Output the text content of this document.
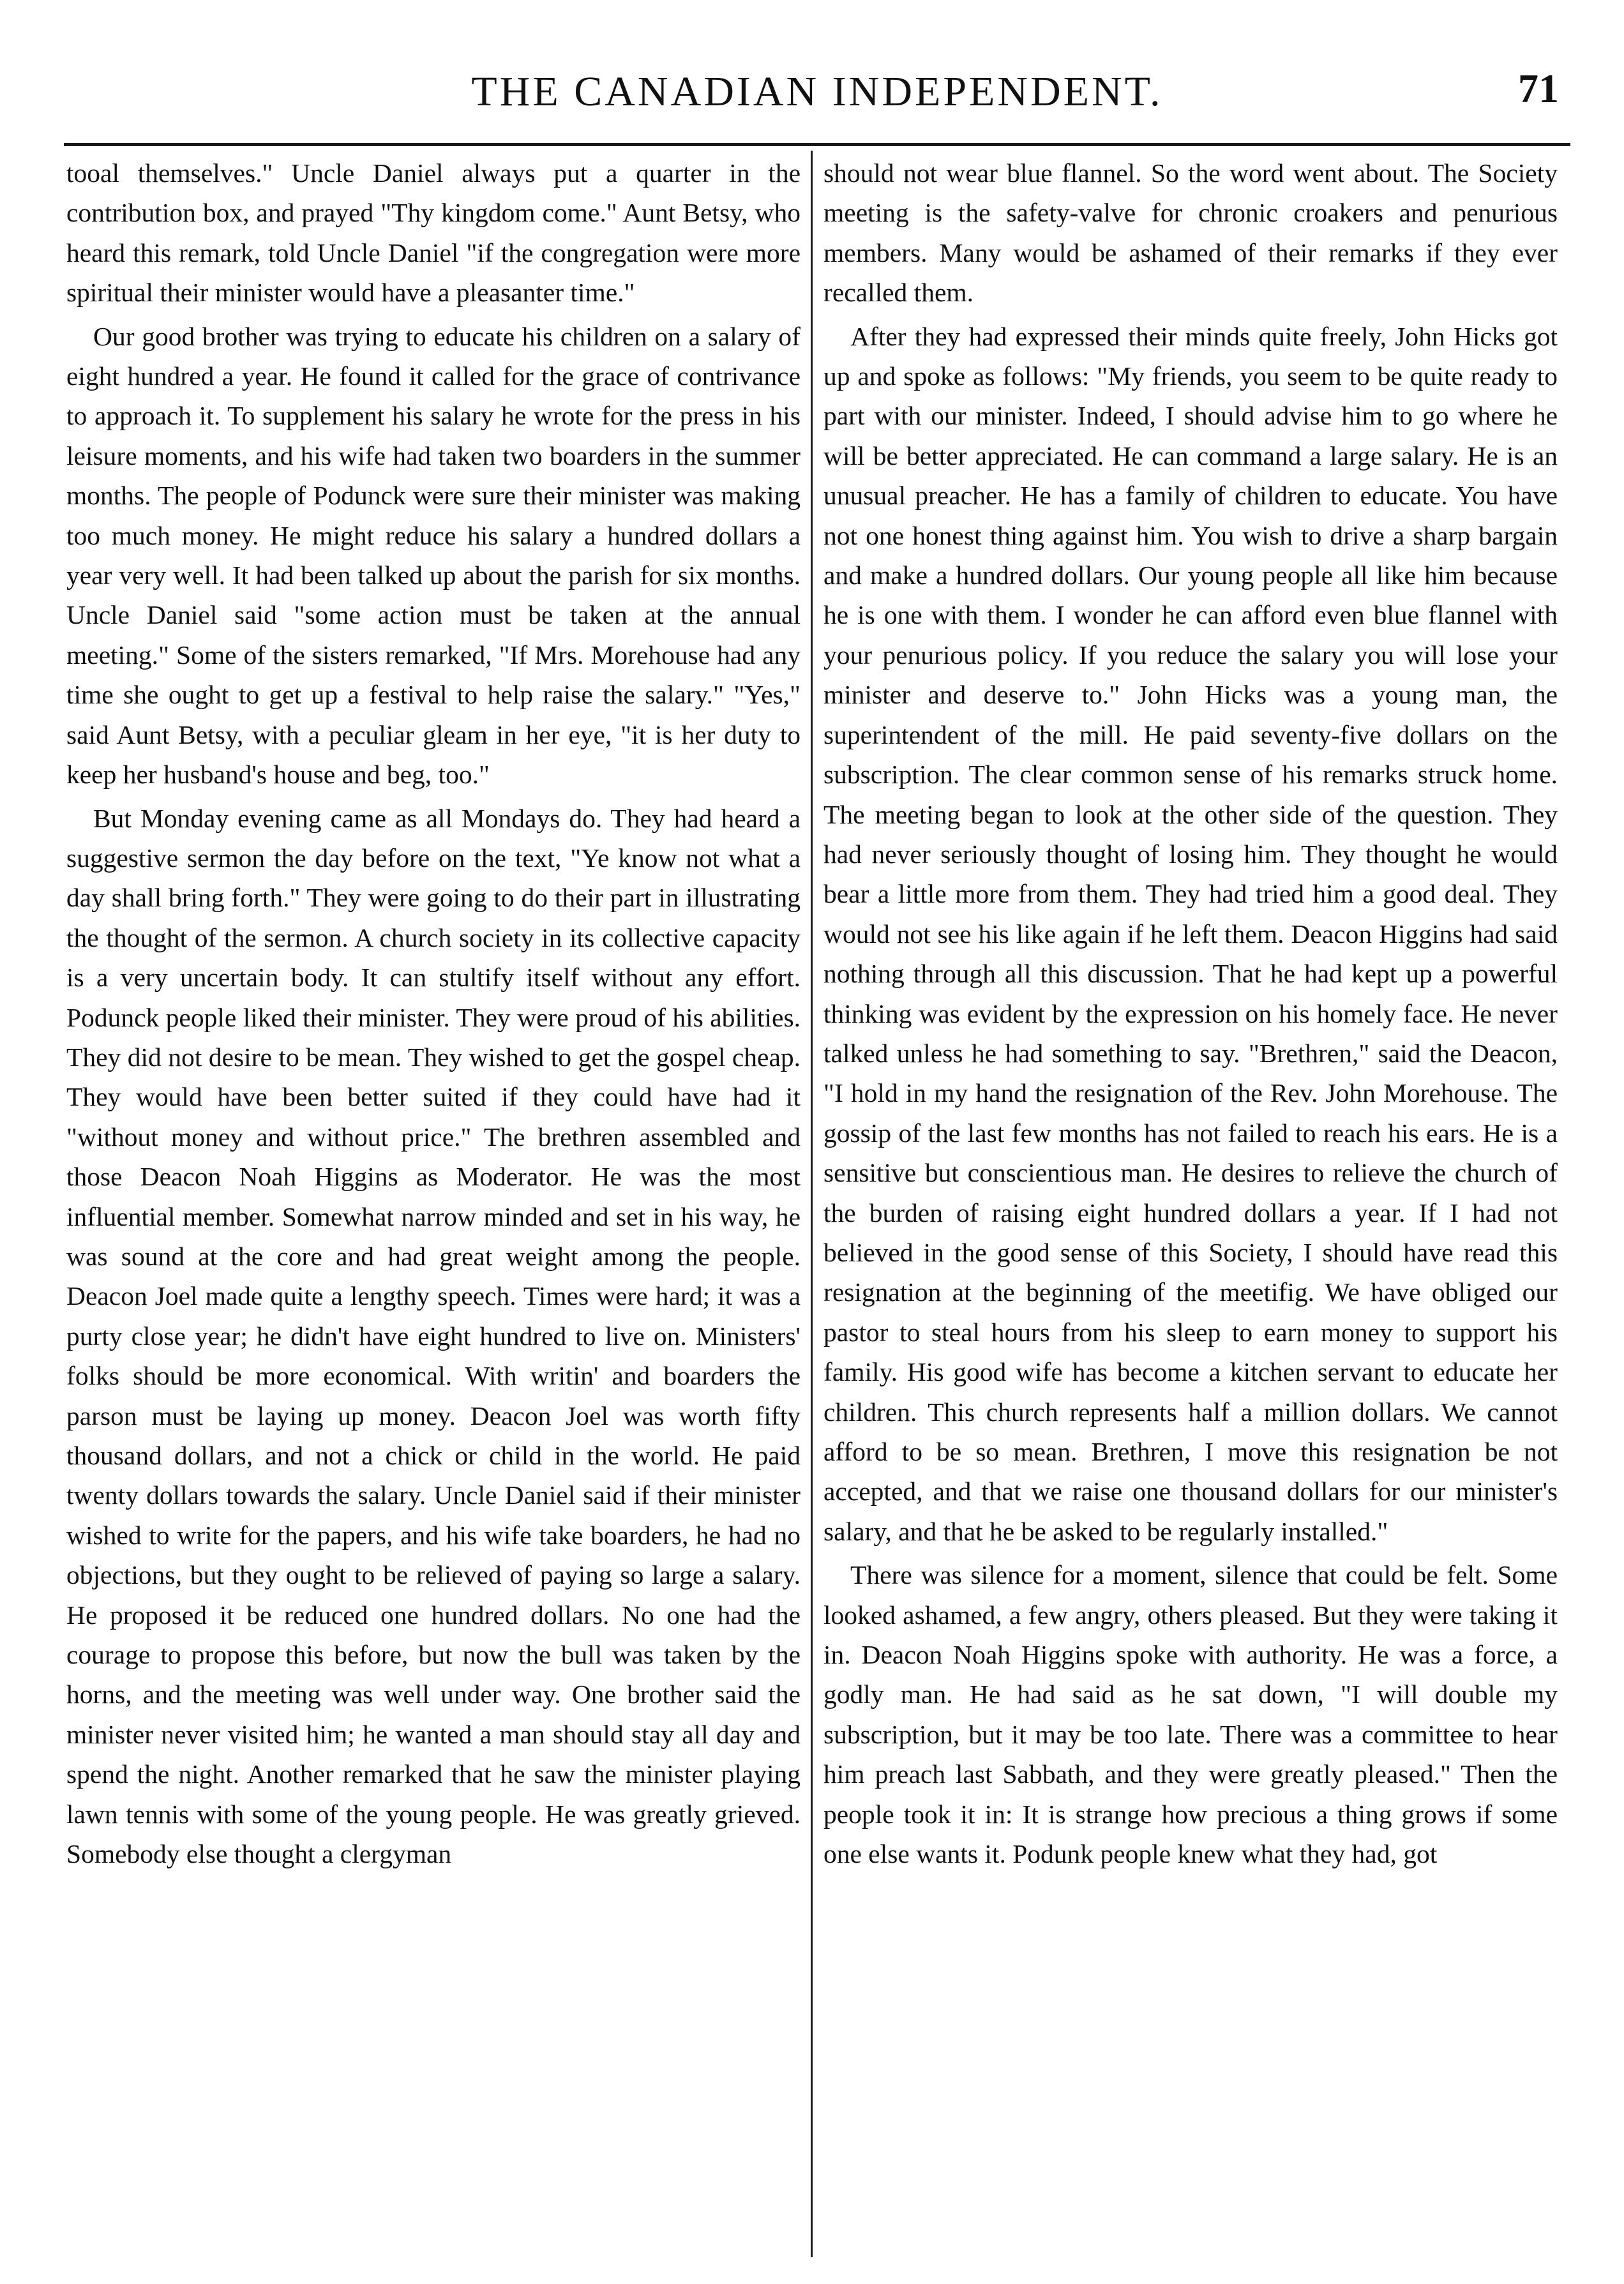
THE CANADIAN INDEPENDENT.	71

tooal themselves." Uncle Daniel always put a quarter in the contribution box, and prayed "Thy kingdom come." Aunt Betsy, who heard this remark, told Uncle Daniel "if the congregation were more spiritual their minister would have a pleasanter time."

Our good brother was trying to educate his children on a salary of eight hundred a year. He found it called for the grace of contrivance to approach it. To supplement his salary he wrote for the press in his leisure moments, and his wife had taken two boarders in the summer months. The people of Podunck were sure their minister was making too much money. He might reduce his salary a hundred dollars a year very well. It had been talked up about the parish for six months. Uncle Daniel said "some action must be taken at the annual meeting." Some of the sisters remarked, "If Mrs. Morehouse had any time she ought to get up a festival to help raise the salary." "Yes," said Aunt Betsy, with a peculiar gleam in her eye, "it is her duty to keep her husband's house and beg, too."

But Monday evening came as all Mondays do. They had heard a suggestive sermon the day before on the text, "Ye know not what a day shall bring forth." They were going to do their part in illustrating the thought of the sermon. A church society in its collective capacity is a very uncertain body. It can stultify itself without any effort. Podunck people liked their minister. They were proud of his abilities. They did not desire to be mean. They wished to get the gospel cheap. They would have been better suited if they could have had it "without money and without price." The brethren assembled and those Deacon Noah Higgins as Moderator. He was the most influential member. Somewhat narrow minded and set in his way, he was sound at the core and had great weight among the people. Deacon Joel made quite a lengthy speech. Times were hard; it was a purty close year; he didn't have eight hundred to live on. Ministers' folks should be more economical. With writin' and boarders the parson must be laying up money. Deacon Joel was worth fifty thousand dollars, and not a chick or child in the world. He paid twenty dollars towards the salary. Uncle Daniel said if their minister wished to write for the papers, and his wife take boarders, he had no objections, but they ought to be relieved of paying so large a salary. He proposed it be reduced one hundred dollars. No one had the courage to propose this before, but now the bull was taken by the horns, and the meeting was well under way. One brother said the minister never visited him; he wanted a man should stay all day and spend the night. Another remarked that he saw the minister playing lawn tennis with some of the young people. He was greatly grieved. Somebody else thought a clergyman

should not wear blue flannel. So the word went about. The Society meeting is the safety-valve for chronic croakers and penurious members. Many would be ashamed of their remarks if they ever recalled them.

After they had expressed their minds quite freely, John Hicks got up and spoke as follows: "My friends, you seem to be quite ready to part with our minister. Indeed, I should advise him to go where he will be better appreciated. He can command a large salary. He is an unusual preacher. He has a family of children to educate. You have not one honest thing against him. You wish to drive a sharp bargain and make a hundred dollars. Our young people all like him because he is one with them. I wonder he can afford even blue flannel with your penurious policy. If you reduce the salary you will lose your minister and deserve to." John Hicks was a young man, the superintendent of the mill. He paid seventy-five dollars on the subscription. The clear common sense of his remarks struck home. The meeting began to look at the other side of the question. They had never seriously thought of losing him. They thought he would bear a little more from them. They had tried him a good deal. They would not see his like again if he left them. Deacon Higgins had said nothing through all this discussion. That he had kept up a powerful thinking was evident by the expression on his homely face. He never talked unless he had something to say. "Brethren," said the Deacon, "I hold in my hand the resignation of the Rev. John Morehouse. The gossip of the last few months has not failed to reach his ears. He is a sensitive but conscientious man. He desires to relieve the church of the burden of raising eight hundred dollars a year. If I had not believed in the good sense of this Society, I should have read this resignation at the beginning of the meetifig. We have obliged our pastor to steal hours from his sleep to earn money to support his family. His good wife has become a kitchen servant to educate her children. This church represents half a million dollars. We cannot afford to be so mean. Brethren, I move this resignation be not accepted, and that we raise one thousand dollars for our minister's salary, and that he be asked to be regularly installed."

There was silence for a moment, silence that could be felt. Some looked ashamed, a few angry, others pleased. But they were taking it in. Deacon Noah Higgins spoke with authority. He was a force, a godly man. He had said as he sat down, "I will double my subscription, but it may be too late. There was a committee to hear him preach last Sabbath, and they were greatly pleased." Then the people took it in: It is strange how precious a thing grows if some one else wants it. Podunk people knew what they had, got
